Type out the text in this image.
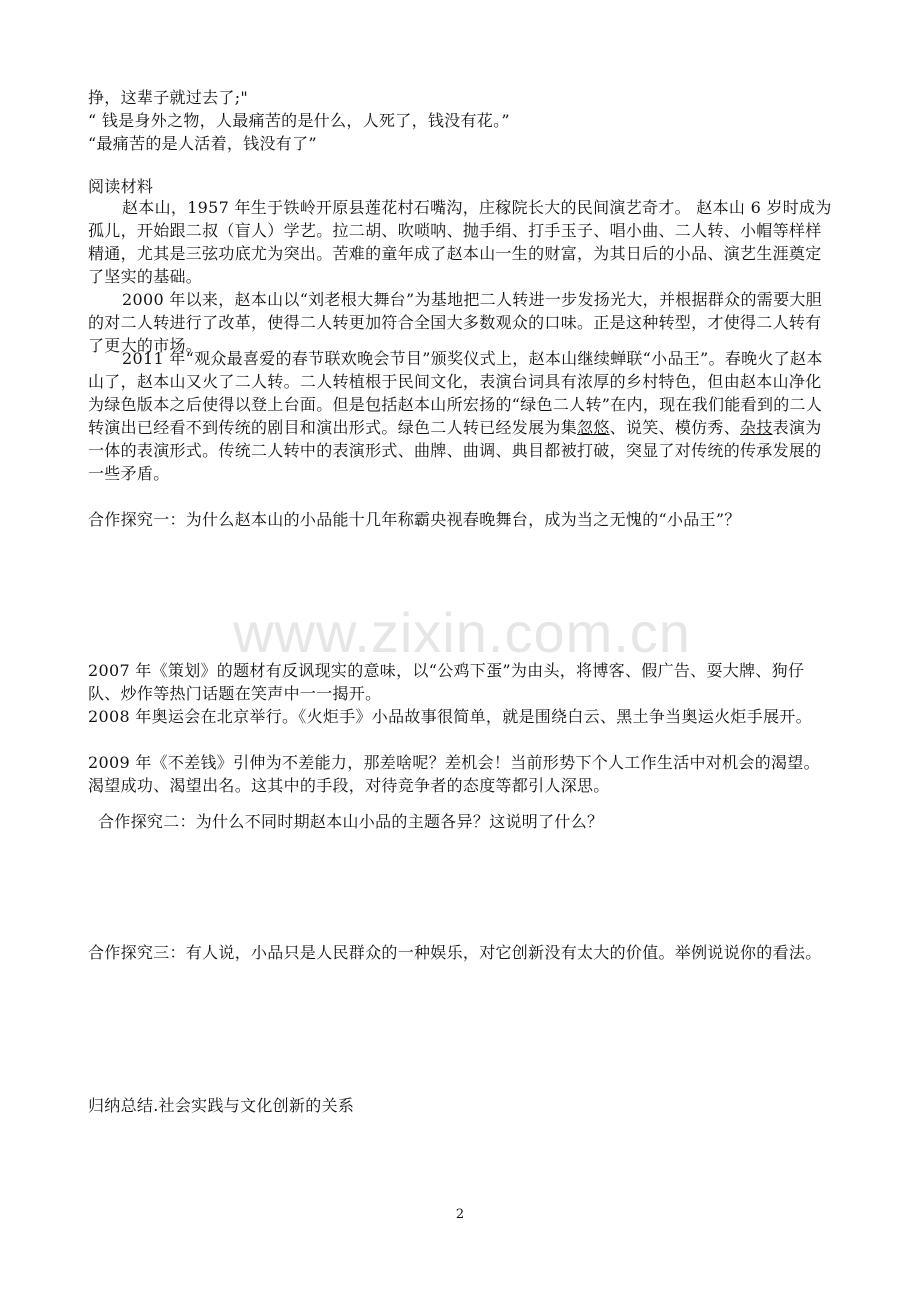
挣，这辈子就过去了;"
“ 钱是身外之物，人最痛苦的是什么，人死了，钱没有花。”
“最痛苦的是人活着，钱没有了”
阅读材料
赵本山，1957 年生于铁岭开原县莲花村石嘴沟，庄稼院长大的民间演艺奇才。 赵本山 6 岁时成为孤儿，开始跟二叔（盲人）学艺。拉二胡、吹唢呐、抛手绢、打手玉子、唱小曲、二人转、小帽等样样精通，尤其是三弦功底尤为突出。苦难的童年成了赵本山一生的财富，为其日后的小品、演艺生涯奠定了坚实的基础。
2000 年以来，赵本山以“刘老根大舞台”为基地把二人转进一步发扬光大，并根据群众的需要大胆的对二人转进行了改革，使得二人转更加符合全国大多数观众的口味。正是这种转型，才使得二人转有了更大的市场。
2011 年“观众最喜爱的春节联欢晚会节目”颁奖仪式上，赵本山继续蝉联“小品王”。春晚火了赵本山了，赵本山又火了二人转。二人转植根于民间文化，表演台词具有浓厚的乡村特色，但由赵本山净化为绿色版本之后使得以登上台面。但是包括赵本山所宏扬的“绿色二人转”在内，现在我们能看到的二人转演出已经看不到传统的剧目和演出形式。绿色二人转已经发展为集忽悠、说笑、模仿秀、杂技表演为一体的表演形式。传统二人转中的表演形式、曲牌、曲调、典目都被打破，突显了对传统的传承发展的一些矛盾。
合作探究一：为什么赵本山的小品能十几年称霸央视春晚舞台，成为当之无愧的“小品王”？
www.zixin.com.cn
2007 年《策划》的题材有反讽现实的意味，以“公鸡下蛋”为由头，将博客、假广告、耍大牌、狗仔队、炒作等热门话题在笑声中一一揭开。
2008 年奥运会在北京举行。《火炬手》小品故事很简单，就是围绕白云、黑土争当奥运火炬手展开。
2009 年《不差钱》引伸为不差能力，那差啥呢？差机会！当前形势下个人工作生活中对机会的渴望。渴望成功、渴望出名。这其中的手段，对待竞争者的态度等都引人深思。
合作探究二：为什么不同时期赵本山小品的主题各异？这说明了什么？
合作探究三：有人说，小品只是人民群众的一种娱乐，对它创新没有太大的价值。举例说说你的看法。
归纳总结.社会实践与文化创新的关系
2
